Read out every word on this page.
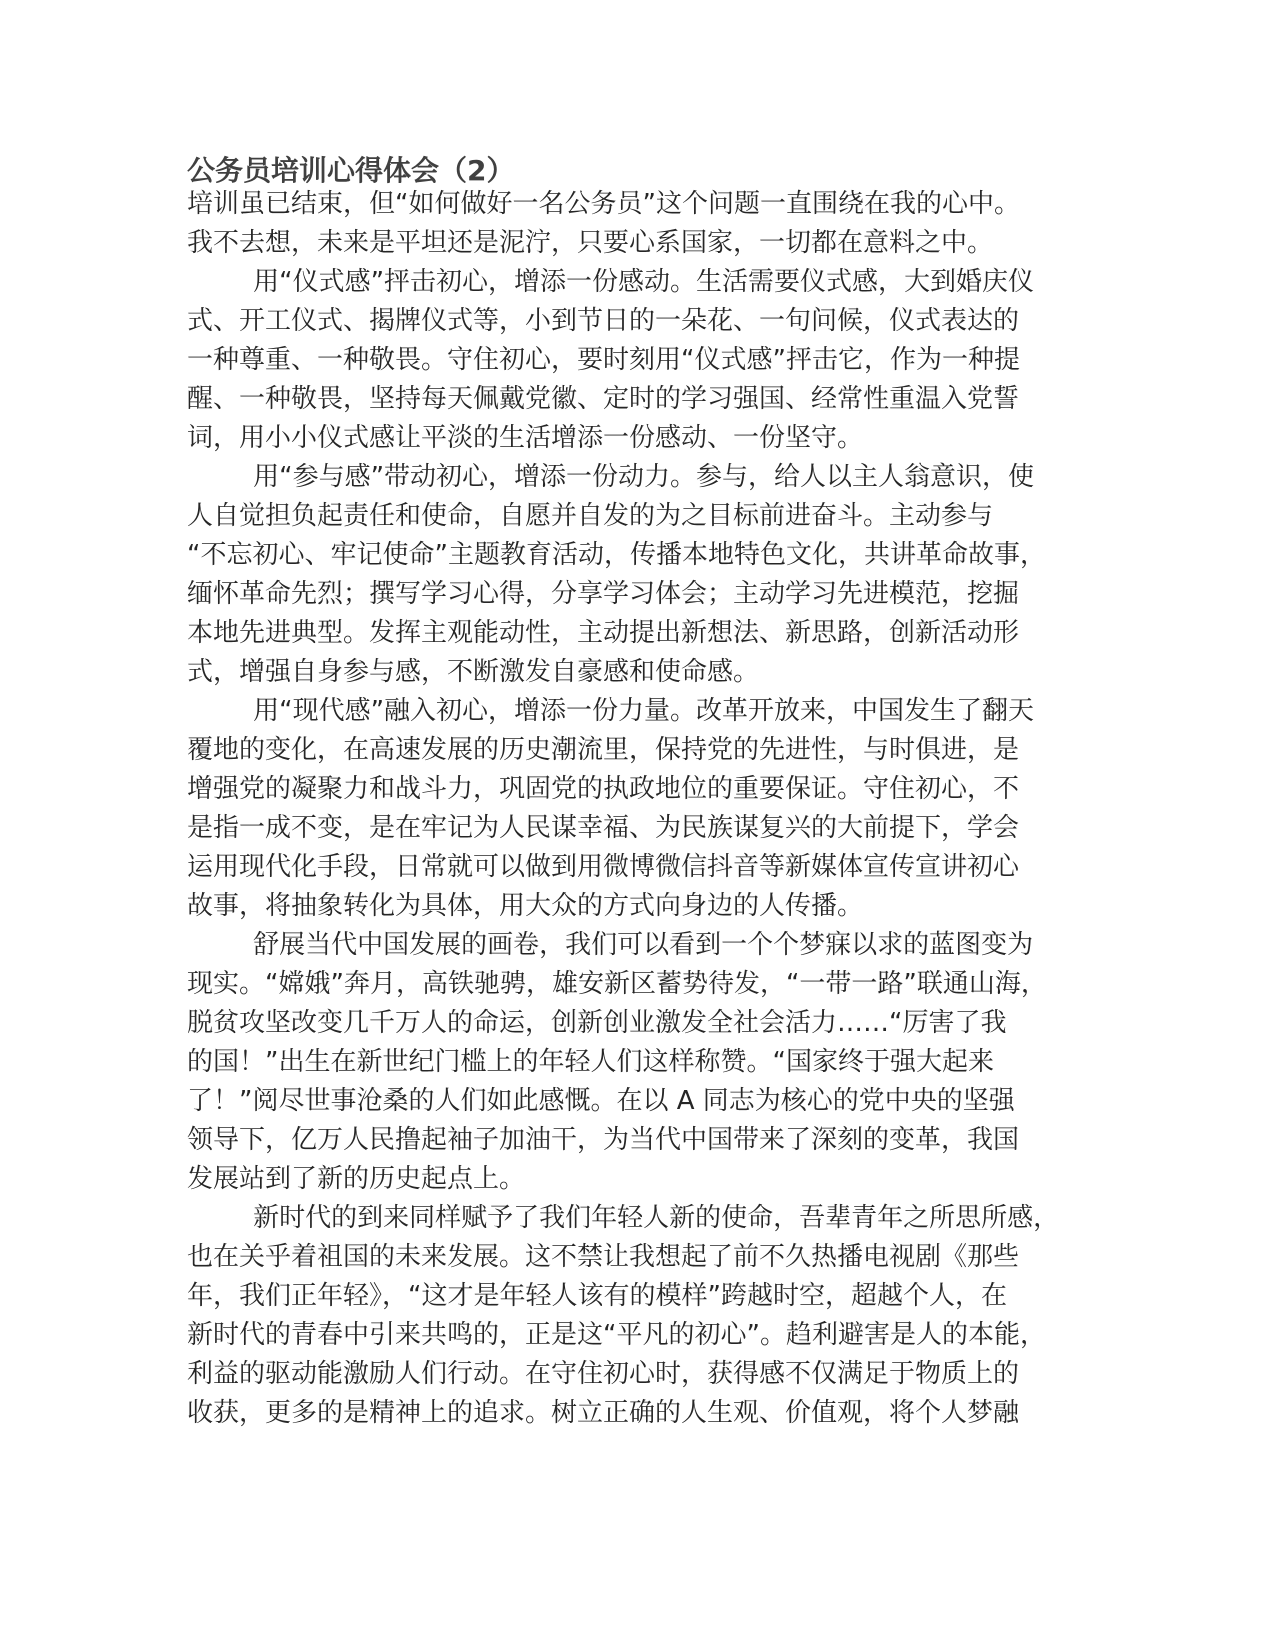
公务员培训心得体会（2）
培训虽已结束，但“如何做好一名公务员”这个问题一直围绕在我的心中。
我不去想，未来是平坦还是泥泞，只要心系国家，一切都在意料之中。
用“仪式感”抨击初心，增添一份感动。生活需要仪式感，大到婚庆仪
式、开工仪式、揭牌仪式等，小到节日的一朵花、一句问候，仪式表达的
一种尊重、一种敬畏。守住初心，要时刻用“仪式感”抨击它，作为一种提
醒、一种敬畏，坚持每天佩戴党徽、定时的学习强国、经常性重温入党誓
词，用小小仪式感让平淡的生活增添一份感动、一份坚守。
用“参与感”带动初心，增添一份动力。参与，给人以主人翁意识，使
人自觉担负起责任和使命，自愿并自发的为之目标前进奋斗。主动参与
“不忘初心、牢记使命”主题教育活动，传播本地特色文化，共讲革命故事，
缅怀革命先烈；撰写学习心得，分享学习体会；主动学习先进模范，挖掘
本地先进典型。发挥主观能动性，主动提出新想法、新思路，创新活动形
式，增强自身参与感，不断激发自豪感和使命感。
用“现代感”融入初心，增添一份力量。改革开放来，中国发生了翻天
覆地的变化，在高速发展的历史潮流里，保持党的先进性，与时俱进，是
增强党的凝聚力和战斗力，巩固党的执政地位的重要保证。守住初心，不
是指一成不变，是在牢记为人民谋幸福、为民族谋复兴的大前提下，学会
运用现代化手段，日常就可以做到用微博微信抖音等新媒体宣传宣讲初心
故事，将抽象转化为具体，用大众的方式向身边的人传播。
舒展当代中国发展的画卷，我们可以看到一个个梦寐以求的蓝图变为
现实。“嫦娥”奔月，高铁驰骋，雄安新区蓄势待发，“一带一路”联通山海，
脱贫攻坚改变几千万人的命运，创新创业激发全社会活力……“厉害了我
的国！”出生在新世纪门槛上的年轻人们这样称赞。“国家终于强大起来
了！”阅尽世事沧桑的人们如此感慨。在以 A 同志为核心的党中央的坚强
领导下，亿万人民撸起袖子加油干，为当代中国带来了深刻的变革，我国
发展站到了新的历史起点上。
新时代的到来同样赋予了我们年轻人新的使命，吾辈青年之所思所感，
也在关乎着祖国的未来发展。这不禁让我想起了前不久热播电视剧《那些
年，我们正年轻》，“这才是年轻人该有的模样”跨越时空，超越个人，在
新时代的青春中引来共鸣的，正是这“平凡的初心”。趋利避害是人的本能，
利益的驱动能激励人们行动。在守住初心时，获得感不仅满足于物质上的
收获，更多的是精神上的追求。树立正确的人生观、价值观，将个人梦融
